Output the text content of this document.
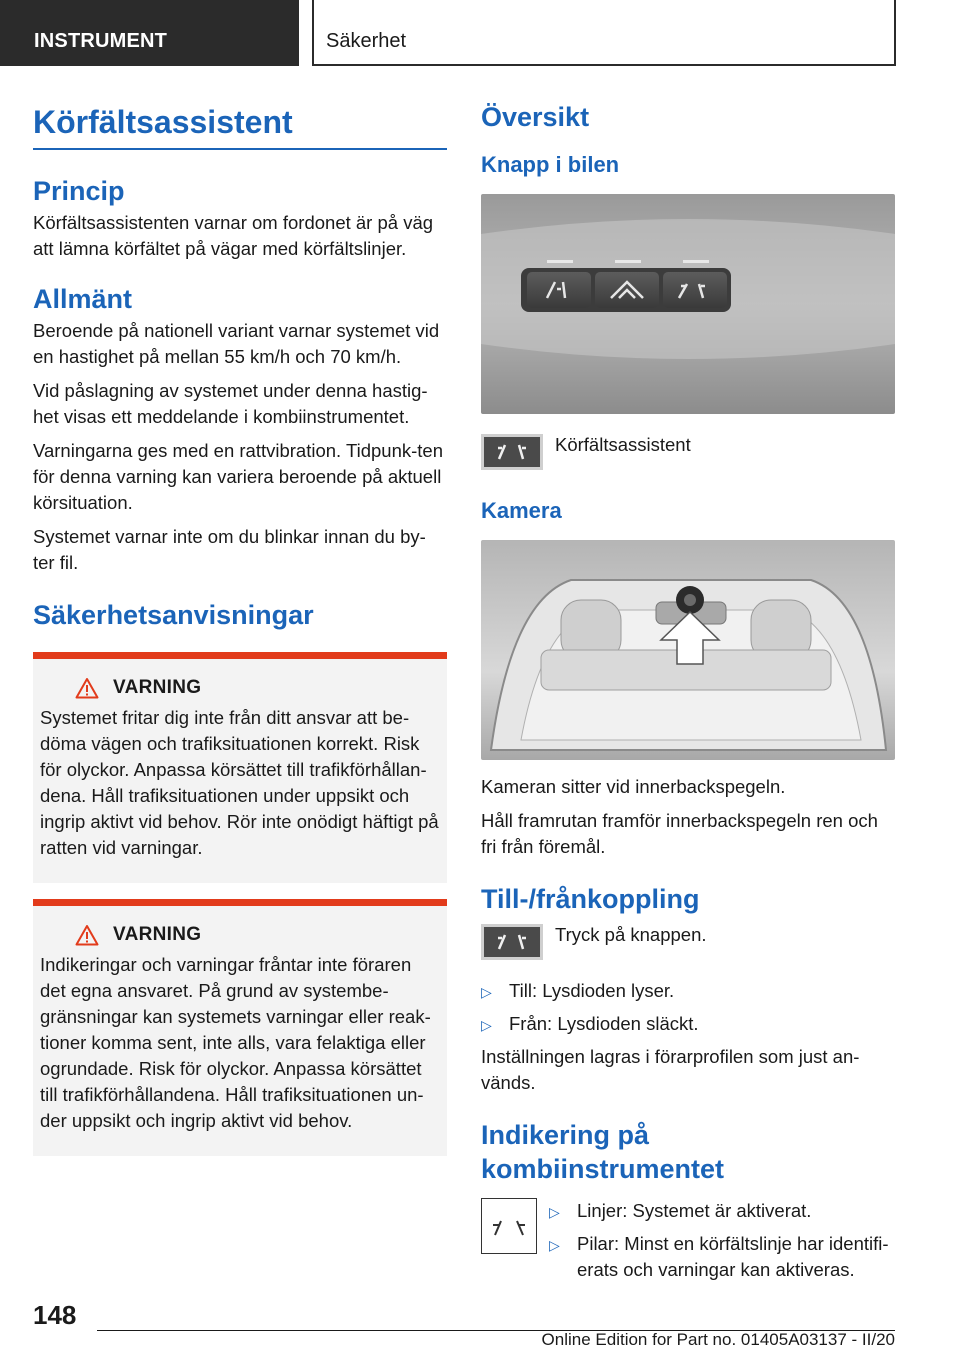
INSTRUMENT	Säkerhet
Körfältsassistent
Princip

Körfältsassistenten varnar om fordonet är på väg att lämna körfältet på vägar med körfältslinjer.

Allmänt

Beroende på nationell variant varnar systemet vid en hastighet på mellan 55 km/h och 70 km/h.

Vid påslagning av systemet under denna hastig-het visas ett meddelande i kombiinstrumentet.

Varningarna ges med en rattvibration. Tidpunk-ten för denna varning kan variera beroende på aktuell körsituation.

Systemet varnar inte om du blinkar innan du by-ter fil.

Säkerhetsanvisningar
VARNING

Systemet fritar dig inte från ditt ansvar att be-döma vägen och trafiksituationen korrekt. Risk för olyckor. Anpassa körsättet till trafikförhållan-dena. Håll trafiksituationen under uppsikt och ingrip aktivt vid behov. Rör inte onödigt häftigt på ratten vid varningar.

VARNING

Indikeringar och varningar fråntar inte föraren det egna ansvaret. På grund av systembe-gränsningar kan systemets varningar eller reak-tioner komma sent, inte alls, vara felaktiga eller ogrundade. Risk för olyckor. Anpassa körsättet till trafikförhållandena. Håll trafiksituationen un-der uppsikt och ingrip aktivt vid behov.

Översikt
Knapp i bilen

Körfältsassistent

Kamera

Kameran sitter vid innerbackspegeln.

Håll framrutan framför innerbackspegeln ren och fri från föremål.

Till-/frånkoppling

Tryck på knappen.

▷ Till: Lysdioden lyser.
▷ Från: Lysdioden släckt.

Inställningen lagras i förarprofilen som just an-vänds.

Indikering på kombiinstrumentet
▷ Linjer: Systemet är aktiverat.
▷ Pilar: Minst en körfältslinje har identifi-erats och varningar kan aktiveras.
148
Online Edition for Part no. 01405A03137 - II/20
